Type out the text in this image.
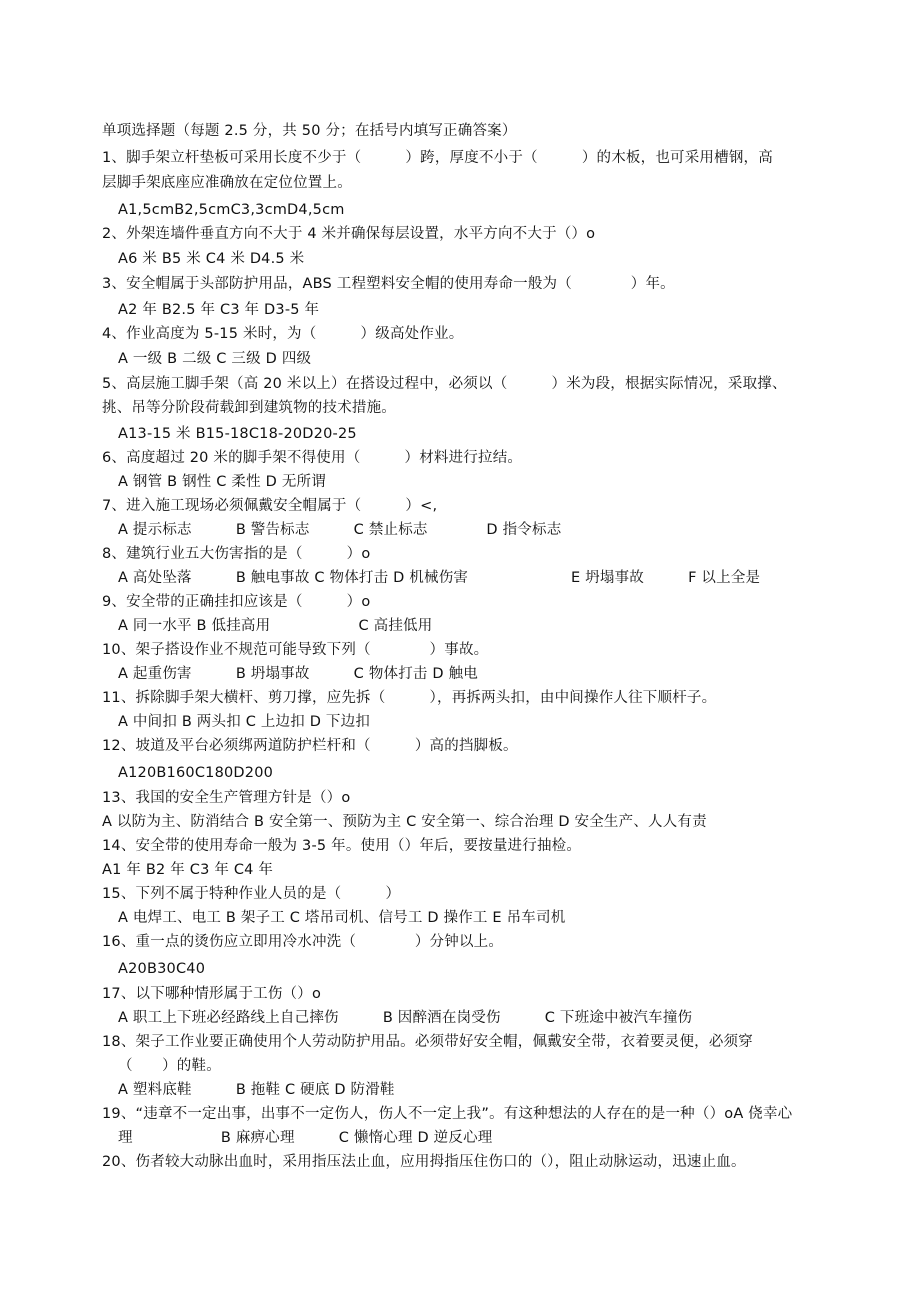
单项选择题（每题 2.5 分，共 50 分；在括号内填写正确答案）
1、脚手架立杆垫板可采用长度不少于（　　　）跨，厚度不小于（　　　）的木板，也可采用槽钢，高
层脚手架底座应准确放在定位位置上。
A1,5cmB2,5cmC3,3cmD4,5cm
2、外架连墙件垂直方向不大于 4 米并确保每层设置，水平方向不大于（）o
A6 米 B5 米 C4 米 D4.5 米
3、安全帽属于头部防护用品，ABS 工程塑料安全帽的使用寿命一般为（　　　　）年。
A2 年 B2.5 年 C3 年 D3-5 年
4、作业高度为 5-15 米时，为（　　　）级高处作业。
A 一级 B 二级 C 三级 D 四级
5、高层施工脚手架（高 20 米以上）在搭设过程中，必须以（　　　）米为段，根据实际情况，采取撑、
挑、吊等分阶段荷载卸到建筑物的技术措施。
A13-15 米 B15-18C18-20D20-25
6、高度超过 20 米的脚手架不得使用（　　　）材料进行拉结。
A 钢管 B 钢性 C 柔性 D 无所谓
7、进入施工现场必须佩戴安全帽属于（　　　）<,
A 提示标志　　　B 警告标志　　　C 禁止标志　　　　D 指令标志
8、建筑行业五大伤害指的是（　　　）o
A 高处坠落　　　B 触电事故 C 物体打击 D 机械伤害　　　　　　　E 坍塌事故　　　F 以上全是
9、安全带的正确挂扣应该是（　　　）o
A 同一水平 B 低挂高用　　　　　　C 高挂低用
10、架子搭设作业不规范可能导致下列（　　　　）事故。
A 起重伤害　　　B 坍塌事故　　　C 物体打击 D 触电
11、拆除脚手架大横杆、剪刀撑，应先拆（　　　），再拆两头扣，由中间操作人往下顺杆子。
A 中间扣 B 两头扣 C 上边扣 D 下边扣
12、坡道及平台必须绑两道防护栏杆和（　　　）高的挡脚板。
A120B160C180D200
13、我国的安全生产管理方针是（）o
A 以防为主、防消结合 B 安全第一、预防为主 C 安全第一、综合治理 D 安全生产、人人有责
14、安全带的使用寿命一般为 3-5 年。使用（）年后，要按量进行抽检。
A1 年 B2 年 C3 年 C4 年
15、下列不属于特种作业人员的是（　　　）
A 电焊工、电工 B 架子工 C 塔吊司机、信号工 D 操作工 E 吊车司机
16、重一点的烫伤应立即用冷水冲洗（　　　　）分钟以上。
A20B30C40
17、以下哪种情形属于工伤（）o
A 职工上下班必经路线上自己摔伤　　　B 因醉酒在岗受伤　　　C 下班途中被汽车撞伤
18、架子工作业要正确使用个人劳动防护用品。必须带好安全帽，佩戴安全带，衣着要灵便，必须穿
（　　）的鞋。
A 塑料底鞋　　　B 拖鞋 C 硬底 D 防滑鞋
19、“违章不一定出事，出事不一定伤人，伤人不一定上我”。有这种想法的人存在的是一种（）oA 侥幸心
理　　　　　　B 麻痹心理　　　C 懒惰心理 D 逆反心理
20、伤者较大动脉出血时，采用指压法止血，应用拇指压住伤口的（），阻止动脉运动，迅速止血。
